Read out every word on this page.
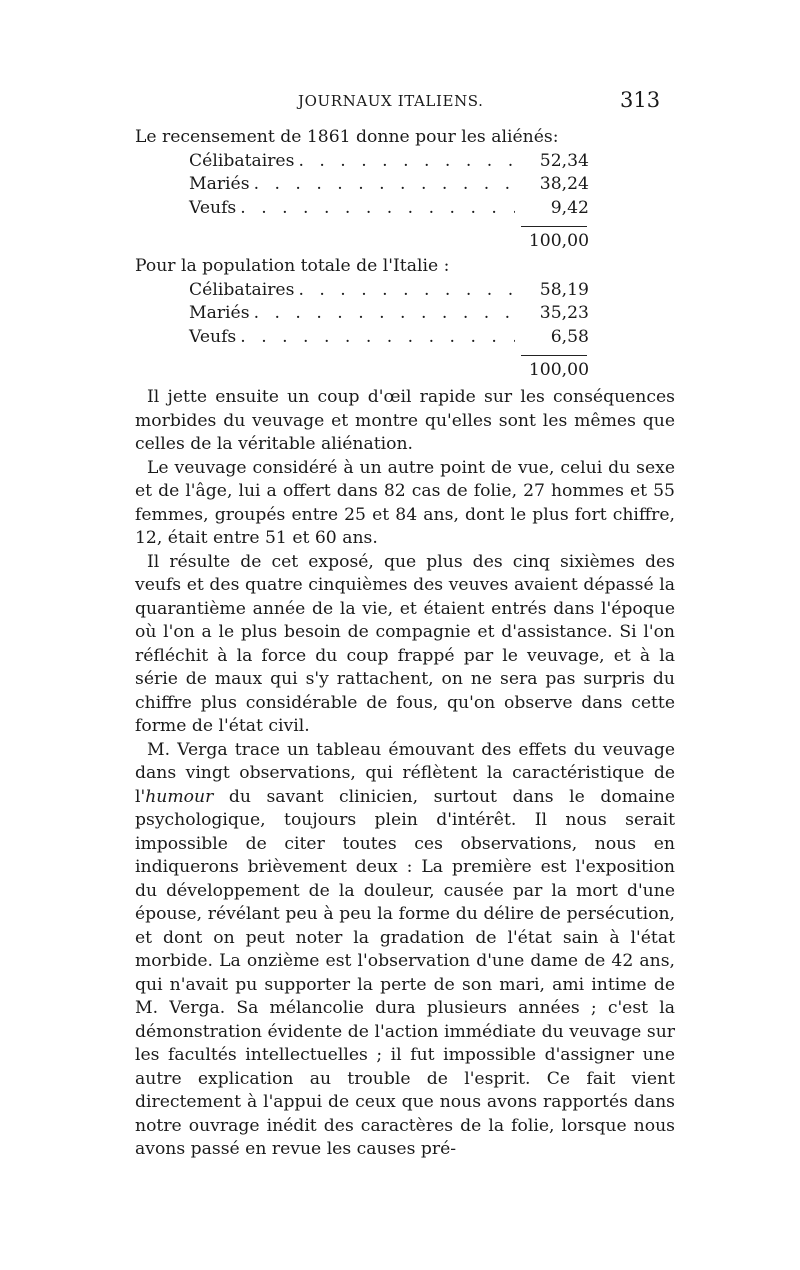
JOURNAUX ITALIENS.	313

Le recensement de 1861 donne pour les aliénés:

Célibataires . . .	52,34
Mariés . . .	38,24
Veufs . . .	9,42
100,00

Pour la population totale de l'Italie :

Célibataires . . .	58,19
Mariés . . .	35,23
Veufs . . .	6,58
100,00

Il jette ensuite un coup d'œil rapide sur les conséquences morbides du veuvage et montre qu'elles sont les mêmes que celles de la véritable aliénation.

Le veuvage considéré à un autre point de vue, celui du sexe et de l'âge, lui a offert dans 82 cas de folie, 27 hommes et 55 femmes, groupés entre 25 et 84 ans, dont le plus fort chiffre, 12, était entre 51 et 60 ans.

Il résulte de cet exposé, que plus des cinq sixièmes des veufs et des quatre cinquièmes des veuves avaient dépassé la quarantième année de la vie, et étaient entrés dans l'époque où l'on a le plus besoin de compagnie et d'assistance. Si l'on réfléchit à la force du coup frappé par le veuvage, et à la série de maux qui s'y rattachent, on ne sera pas surpris du chiffre plus considérable de fous, qu'on observe dans cette forme de l'état civil.

M. Verga trace un tableau émouvant des effets du veuvage dans vingt observations, qui réflètent la caractéristique de l'humour du savant clinicien, surtout dans le domaine psychologique, toujours plein d'intérêt. Il nous serait impossible de citer toutes ces observations, nous en indiquerons brièvement deux : La première est l'exposition du développement de la douleur, causée par la mort d'une épouse, révélant peu à peu la forme du délire de persécution, et dont on peut noter la gradation de l'état sain à l'état morbide. La onzième est l'observation d'une dame de 42 ans, qui n'avait pu supporter la perte de son mari, ami intime de M. Verga. Sa mélancolie dura plusieurs années ; c'est la démonstration évidente de l'action immédiate du veuvage sur les facultés intellectuelles ; il fut impossible d'assigner une autre explication au trouble de l'esprit. Ce fait vient directement à l'appui de ceux que nous avons rapportés dans notre ouvrage inédit des caractères de la folie, lorsque nous avons passé en revue les causes pré-
